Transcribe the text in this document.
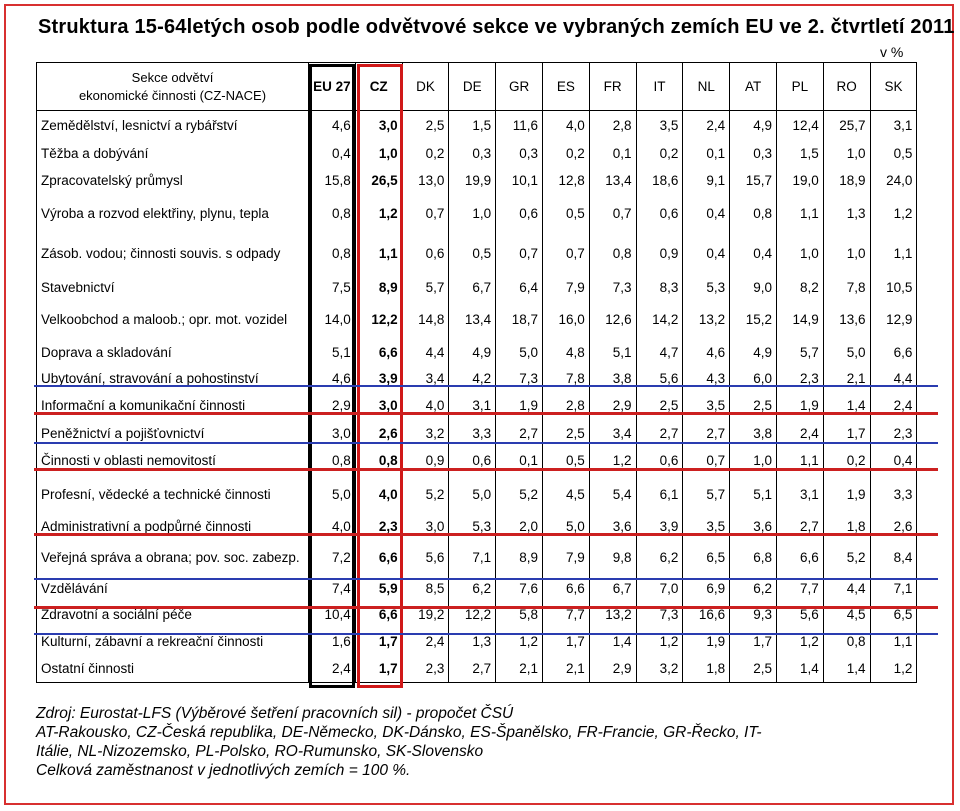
Struktura 15-64letých osob podle odvětvové sekce ve vybraných zemích EU ve 2. čtvrtletí 2011
v %
Sekce odvětví
ekonomické činnosti (CZ-NACE)	EU 27	CZ	DK	DE	GR	ES	FR	IT	NL	AT	PL	RO	SK
Zemědělství, lesnictví a rybářství	4,6	3,0	2,5	1,5	11,6	4,0	2,8	3,5	2,4	4,9	12,4	25,7	3,1
Těžba a dobývání	0,4	1,0	0,2	0,3	0,3	0,2	0,1	0,2	0,1	0,3	1,5	1,0	0,5
Zpracovatelský průmysl	15,8	26,5	13,0	19,9	10,1	12,8	13,4	18,6	9,1	15,7	19,0	18,9	24,0
Výroba a rozvod elektřiny, plynu, tepla	0,8	1,2	0,7	1,0	0,6	0,5	0,7	0,6	0,4	0,8	1,1	1,3	1,2
Zásob. vodou; činnosti souvis. s odpady	0,8	1,1	0,6	0,5	0,7	0,7	0,8	0,9	0,4	0,4	1,0	1,0	1,1
Stavebnictví	7,5	8,9	5,7	6,7	6,4	7,9	7,3	8,3	5,3	9,0	8,2	7,8	10,5
Velkoobchod a maloob.; opr. mot. vozidel	14,0	12,2	14,8	13,4	18,7	16,0	12,6	14,2	13,2	15,2	14,9	13,6	12,9
Doprava a skladování	5,1	6,6	4,4	4,9	5,0	4,8	5,1	4,7	4,6	4,9	5,7	5,0	6,6
Ubytování, stravování a pohostinství	4,6	3,9	3,4	4,2	7,3	7,8	3,8	5,6	4,3	6,0	2,3	2,1	4,4
Informační a komunikační činnosti	2,9	3,0	4,0	3,1	1,9	2,8	2,9	2,5	3,5	2,5	1,9	1,4	2,4
Peněžnictví a pojišťovnictví	3,0	2,6	3,2	3,3	2,7	2,5	3,4	2,7	2,7	3,8	2,4	1,7	2,3
Činnosti v oblasti nemovitostí	0,8	0,8	0,9	0,6	0,1	0,5	1,2	0,6	0,7	1,0	1,1	0,2	0,4
Profesní, vědecké a technické činnosti	5,0	4,0	5,2	5,0	5,2	4,5	5,4	6,1	5,7	5,1	3,1	1,9	3,3
Administrativní a podpůrné činnosti	4,0	2,3	3,0	5,3	2,0	5,0	3,6	3,9	3,5	3,6	2,7	1,8	2,6
Veřejná správa a obrana; pov. soc. zabezp.	7,2	6,6	5,6	7,1	8,9	7,9	9,8	6,2	6,5	6,8	6,6	5,2	8,4
Vzdělávání	7,4	5,9	8,5	6,2	7,6	6,6	6,7	7,0	6,9	6,2	7,7	4,4	7,1
Zdravotní a sociální péče	10,4	6,6	19,2	12,2	5,8	7,7	13,2	7,3	16,6	9,3	5,6	4,5	6,5
Kulturní, zábavní a rekreační činnosti	1,6	1,7	2,4	1,3	1,2	1,7	1,4	1,2	1,9	1,7	1,2	0,8	1,1
Ostatní činnosti	2,4	1,7	2,3	2,7	2,1	2,1	2,9	3,2	1,8	2,5	1,4	1,4	1,2
Zdroj: Eurostat-LFS (Výběrové šetření pracovních sil) - propočet ČSÚ
AT-Rakousko, CZ-Česká republika, DE-Německo, DK-Dánsko, ES-Španělsko, FR-Francie, GR-Řecko, IT-
Itálie, NL-Nizozemsko, PL-Polsko, RO-Rumunsko, SK-Slovensko
Celková zaměstnanost v jednotlivých zemích = 100 %.
